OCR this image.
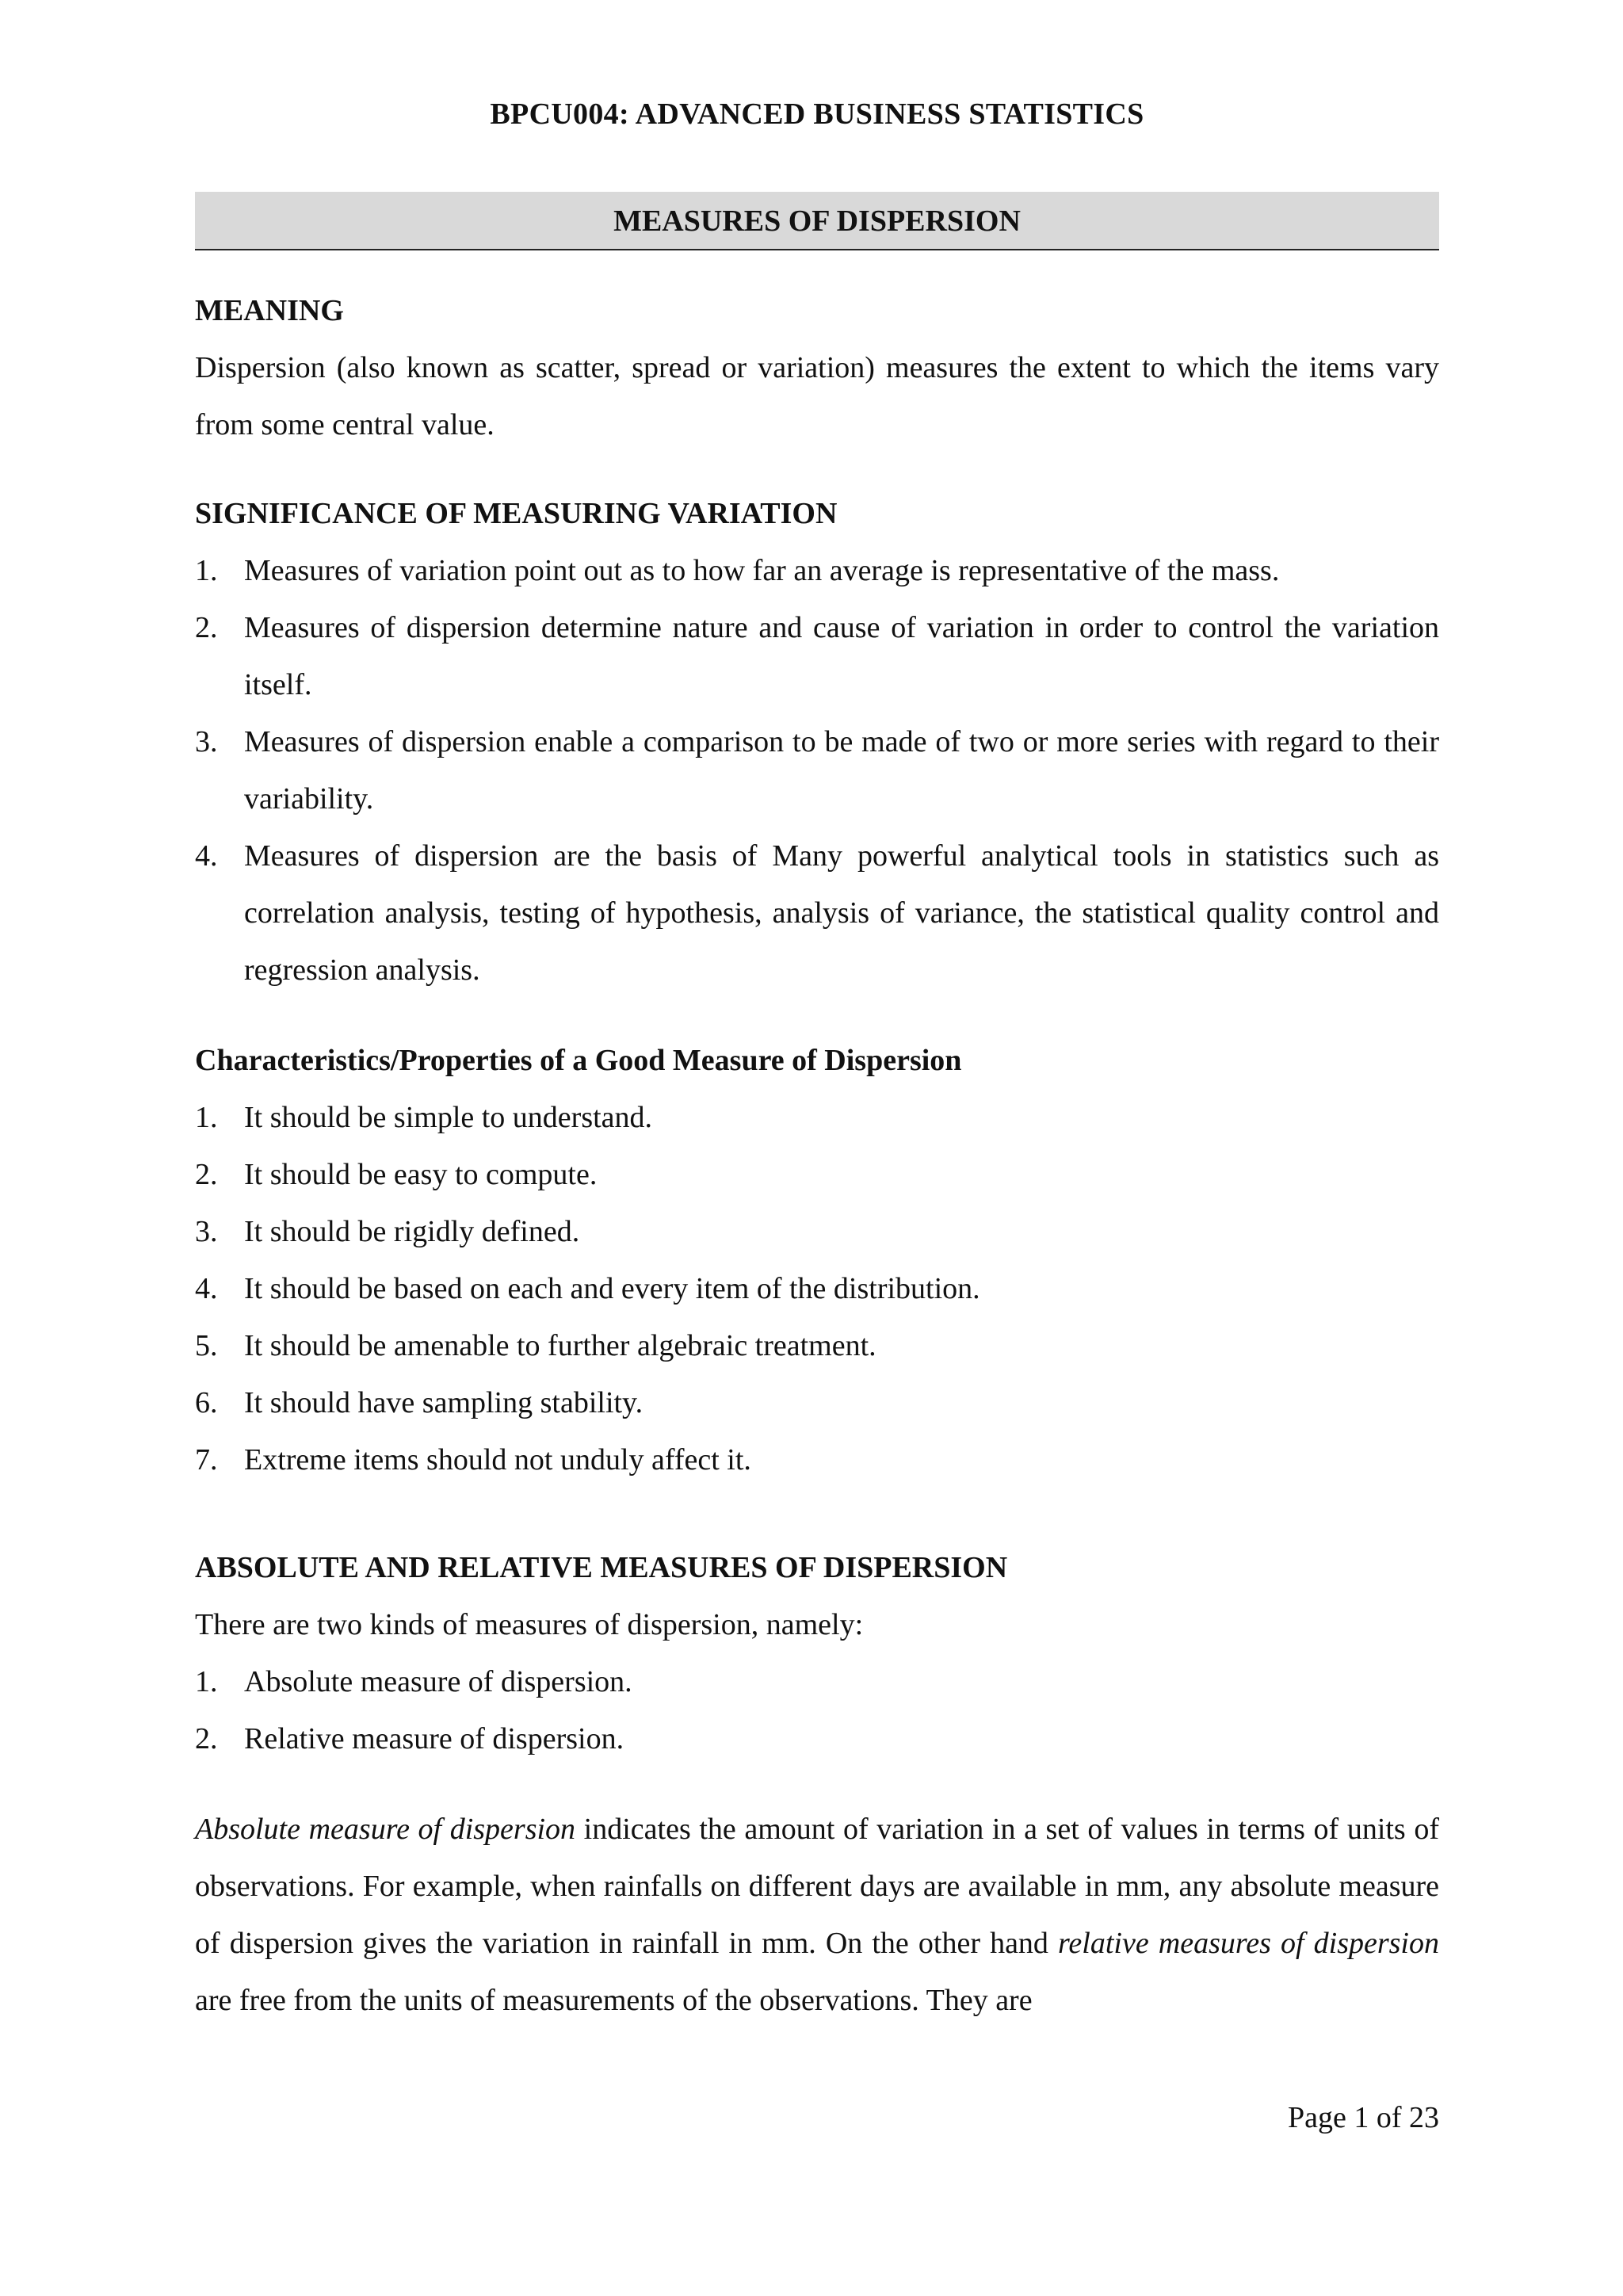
BPCU004: ADVANCED BUSINESS STATISTICS
MEASURES OF DISPERSION
MEANING
Dispersion (also known as scatter, spread or variation) measures the extent to which the items vary from some central value.
SIGNIFICANCE OF MEASURING VARIATION
1. Measures of variation point out as to how far an average is representative of the mass.
2. Measures of dispersion determine nature and cause of variation in order to control the variation itself.
3. Measures of dispersion enable a comparison to be made of two or more series with regard to their variability.
4. Measures of dispersion are the basis of Many powerful analytical tools in statistics such as correlation analysis, testing of hypothesis, analysis of variance, the statistical quality control and regression analysis.
Characteristics/Properties of a Good Measure of Dispersion
1. It should be simple to understand.
2. It should be easy to compute.
3. It should be rigidly defined.
4. It should be based on each and every item of the distribution.
5. It should be amenable to further algebraic treatment.
6. It should have sampling stability.
7. Extreme items should not unduly affect it.
ABSOLUTE AND RELATIVE MEASURES OF DISPERSION
There are two kinds of measures of dispersion, namely:
1. Absolute measure of dispersion.
2. Relative measure of dispersion.
Absolute measure of dispersion indicates the amount of variation in a set of values in terms of units of observations. For example, when rainfalls on different days are available in mm, any absolute measure of dispersion gives the variation in rainfall in mm. On the other hand relative measures of dispersion are free from the units of measurements of the observations. They are
Page 1 of 23
